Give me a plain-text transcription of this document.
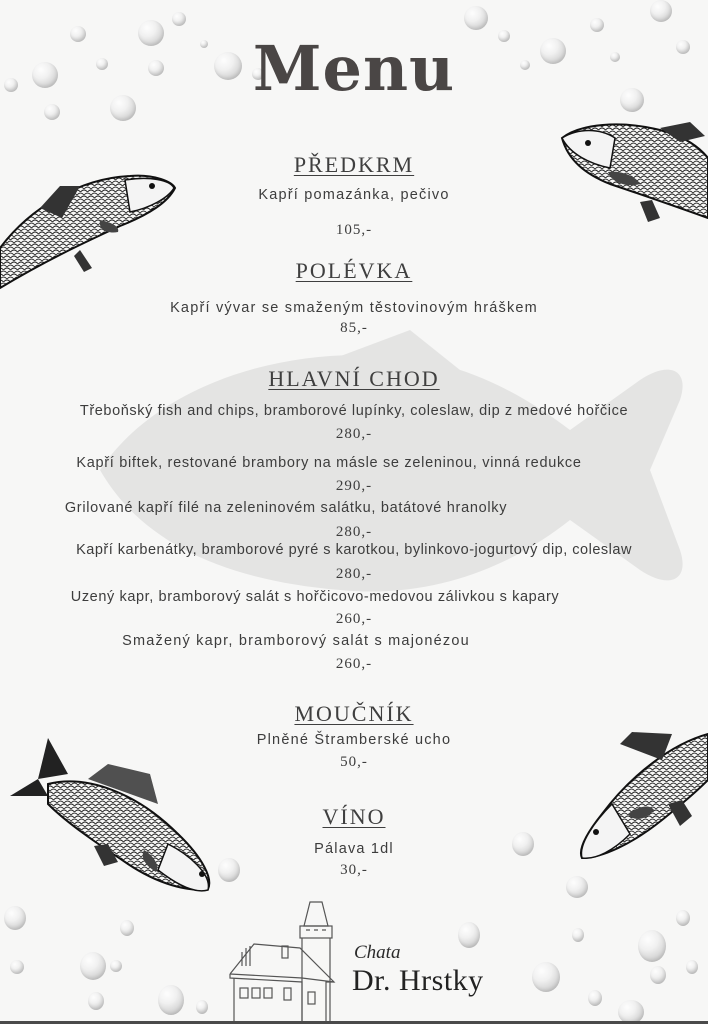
Menu
PŘEDKRM
Kapří pomazánka, pečivo
105,-
POLÉVKA
Kapří vývar se smaženým těstovinovým hráškem
85,-
HLAVNÍ CHOD
Třeboňský fish and chips, bramborové lupínky, coleslaw, dip z medové hořčice
280,-
Kapří biftek, restované brambory na másle se zeleninou, vinná redukce
290,-
Grilované kapří filé na zeleninovém salátku, batátové hranolky
280,-
Kapří karbenátky, bramborové pyré s karotkou, bylinkovo-jogurtový dip, coleslaw
280,-
Uzený kapr, bramborový salát s hořčicovo-medovou zálivkou s kapary
260,-
Smažený kapr, bramborový salát s majonézou
260,-
MOUČNÍK
Plněné Štramberské ucho
50,-
VÍNO
Pálava 1dl
30,-
Chata
Dr. Hrstky
